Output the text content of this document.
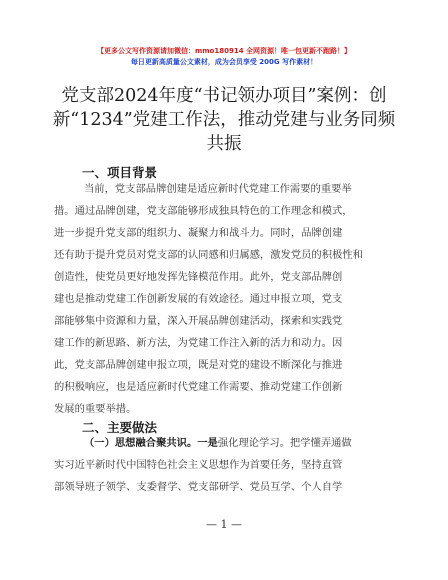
【更多公文写作资源请加微信：mmo180914 全网资源！唯一包更新不跑路！】
每日更新高质量公文素材，成为会员享受 200G 写作素材！
党支部2024年度“书记领办项目”案例：创
新“1234”党建工作法，推动党建与业务同频
共振
一、项目背景
当前，党支部品牌创建是适应新时代党建工作需要的重要举
措。通过品牌创建，党支部能够形成独具特色的工作理念和模式，
进一步提升党支部的组织力、凝聚力和战斗力。同时，品牌创建
还有助于提升党员对党支部的认同感和归属感，激发党员的积极性和
创造性，使党员更好地发挥先锋模范作用。此外，党支部品牌创
建也是推动党建工作创新发展的有效途径。通过申报立项，党支
部能够集中资源和力量，深入开展品牌创建活动，探索和实践党
建工作的新思路、新方法，为党建工作注入新的活力和动力。因
此，党支部品牌创建申报立项，既是对党的建设不断深化与推进
的积极响应，也是适应新时代党建工作需要、推动党建工作创新
发展的重要举措。
二、主要做法
（一）思想融合聚共识。一是强化理论学习。把学懂弄通做
实习近平新时代中国特色社会主义思想作为首要任务，坚持直管
部领导班子领学、支委督学、党支部研学、党员互学、个人自学
— 1 —
